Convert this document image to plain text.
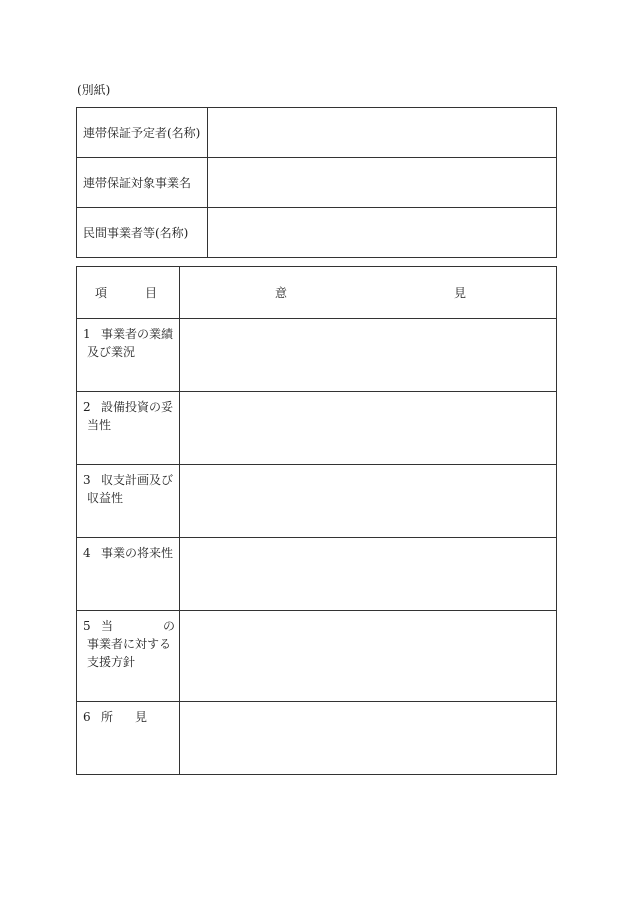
(別紙)
連帯保証予定者(名称)	
連帯保証対象事業名	
民間事業者等(名称)	
項 目	意 見

1 事業者の業績
及び業況	

2 設備投資の妥
当性	

3 収支計画及び
収益性	

4 事業の将来性	

5 当 の
事業者に対する
支援方針	

6 所 見	
